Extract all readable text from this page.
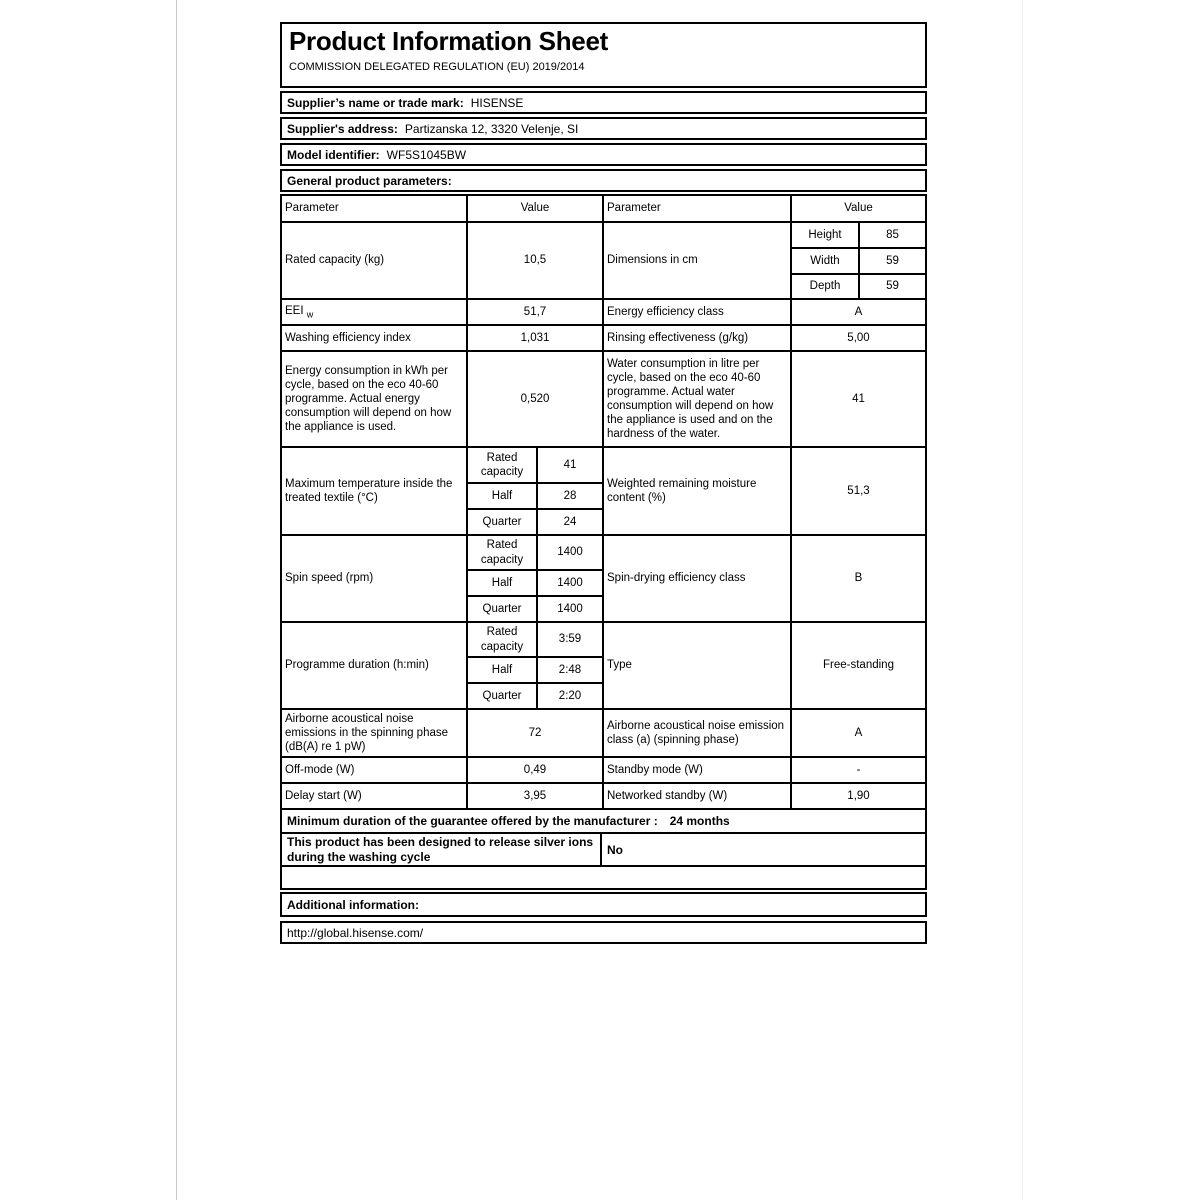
Product Information Sheet
COMMISSION DELEGATED REGULATION (EU) 2019/2014
Supplier’s name or trade mark: HISENSE
Supplier's address: Partizanska 12, 3320 Velenje, SI
Model identifier: WF5S1045BW
General product parameters:
Parameter	Value		Parameter	Value	
Rated capacity (kg)	10,5		Dimensions in cm	Height	85
				Width	59
				Depth	59
EEI $_w$	51,7		Energy efficiency class	A	
Washing efficiency index	1,031		Rinsing effectiveness (g/kg)	5,00	
Energy consumption in kWh per cycle, based on the eco 40-60 programme. Actual energy consumption will depend on how the appliance is used.	0,520		Water consumption in litre per cycle, based on the eco 40-60 programme. Actual water consumption will depend on how the appliance is used and on the hardness of the water.	41	
Maximum temperature inside the treated textile (°C)	Rated capacity	41	Weighted remaining moisture content (%)	51,3	
	Half	28			
	Quarter	24			
Spin speed (rpm)	Rated capacity	1400	Spin-drying efficiency class	B	
	Half	1400			
	Quarter	1400			
Programme duration (h:min)	Rated capacity	3:59	Type	Free-standing	
	Half	2:48			
	Quarter	2:20			
Airborne acoustical noise emissions in the spinning phase (dB(A) re 1 pW)	72		Airborne acoustical noise emission class (a) (spinning phase)	A	
Off-mode (W)	0,49		Standby mode (W)	-	
Delay start (W)	3,95		Networked standby (W)	1,90	
Minimum duration of the guarantee offered by the manufacturer : 24 months
This product has been designed to release silver ions during the washing cycle	No
Additional information:
http://global.hisense.com/
